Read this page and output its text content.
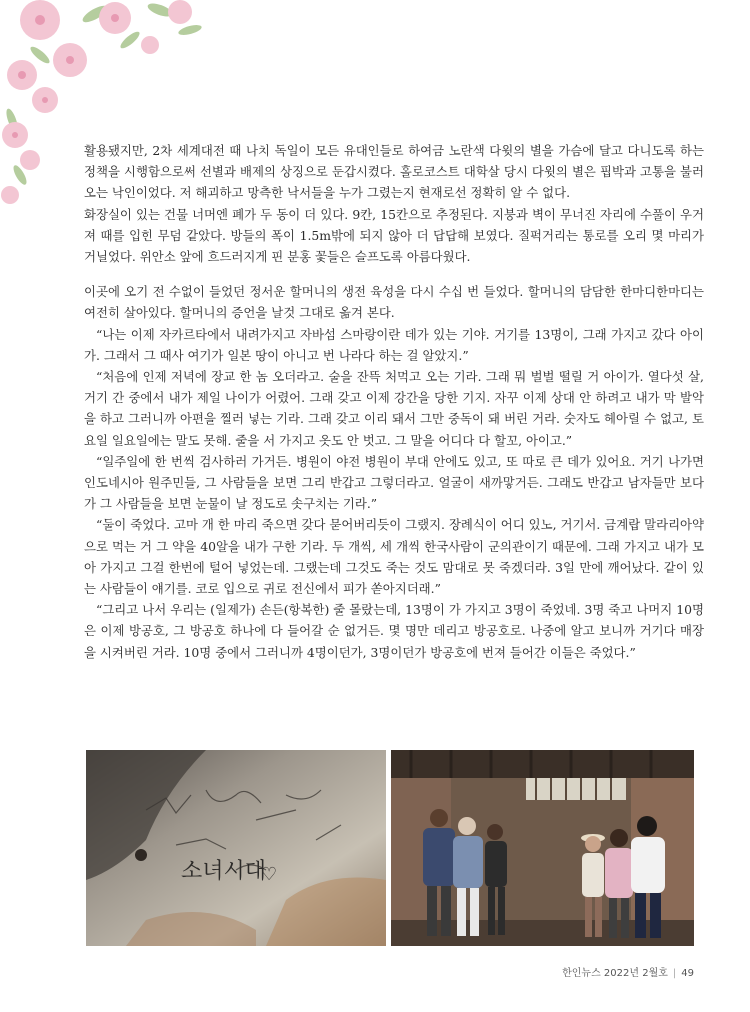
활용됐지만, 2차 세계대전 때 나치 독일이 모든 유대인들로 하여금 노란색 다윗의 별을 가슴에 달고 다니도록 하는 정책을 시행함으로써 선별과 배제의 상징으로 둔갑시켰다. 홀로코스트 대학살 당시 다윗의 별은 핍박과 고통을 불러오는 낙인이었다. 저 해괴하고 망측한 낙서들을 누가 그렸는지 현재로선 정확히 알 수 없다.

화장실이 있는 건물 너머엔 폐가 두 동이 더 있다. 9칸, 15칸으로 추정된다. 지붕과 벽이 무너진 자리에 수풀이 우거져 때를 입힌 무덤 같았다. 방들의 폭이 1.5m밖에 되지 않아 더 답답해 보였다. 질퍽거리는 통로를 오리 몇 마리가 거닐었다. 위안소 앞에 흐드러지게 핀 분홍 꽃들은 슬프도록 아름다웠다.

이곳에 오기 전 수없이 들었던 정서운 할머니의 생전 육성을 다시 수십 번 들었다. 할머니의 담담한 한마디한마디는 여전히 살아있다. 할머니의 증언을 날것 그대로 옮겨 본다.

“나는 이제 자카르타에서 내려가지고 자바섬 스마랑이란 데가 있는 기야. 거기를 13명이, 그래 가지고 갔다 아이가. 그래서 그 때사 여기가 일본 땅이 아니고 번 나라다 하는 걸 알았지.”

“처음에 인제 저녁에 장교 한 놈 오더라고. 술을 잔뜩 처먹고 오는 기라. 그래 뭐 벌벌 떨릴 거 아이가. 열다섯 살, 거기 간 중에서 내가 제일 나이가 어렸어. 그래 갖고 이제 강간을 당한 기지. 자꾸 이제 상대 안 하려고 내가 막 발악을 하고 그러니까 아편을 찔러 넣는 기라. 그래 갖고 이리 돼서 그만 중독이 돼 버린 거라. 숫자도 헤아릴 수 없고, 토요일 일요일에는 말도 못해. 줄을 서 가지고 옷도 안 벗고. 그 말을 어디다 다 할꼬, 아이고.”

“일주일에 한 번씩 검사하러 가거든. 병원이 야전 병원이 부대 안에도 있고, 또 따로 큰 데가 있어요. 거기 나가면 인도네시아 원주민들, 그 사람들을 보면 그리 반갑고 그렇더라고. 얼굴이 새까맣거든. 그래도 반갑고 남자들만 보다가 그 사람들을 보면 눈물이 날 정도로 솟구치는 기라.”

“둘이 죽었다. 고마 개 한 마리 죽으면 갖다 묻어버리듯이 그랬지. 장례식이 어디 있노, 거기서. 금계랍 말라리아약으로 먹는 거 그 약을 40알을 내가 구한 기라. 두 개씩, 세 개씩 한국사람이 군의관이기 때문에. 그래 가지고 내가 모아 가지고 그걸 한번에 털어 넣었는데. 그랬는데 그것도 죽는 것도 맘대로 못 죽겠더라. 3일 만에 깨어났다. 같이 있는 사람들이 얘기를. 코로 입으로 귀로 전신에서 피가 쏟아지더래.”

“그리고 나서 우리는 (일제가) 손든(항복한) 줄 몰랐는데, 13명이 가 가지고 3명이 죽었네. 3명 죽고 나머지 10명은 이제 방공호, 그 방공호 하나에 다 들어갈 순 없거든. 몇 명만 데리고 방공호로. 나중에 알고 보니까 거기다 매장을 시켜버린 거라. 10명 중에서 그러니까 4명이던가, 3명이던가 방공호에 번져 들어간 이들은 죽었다.”

소녀시대
♡
한인뉴스 2022년 2월호 | 49
